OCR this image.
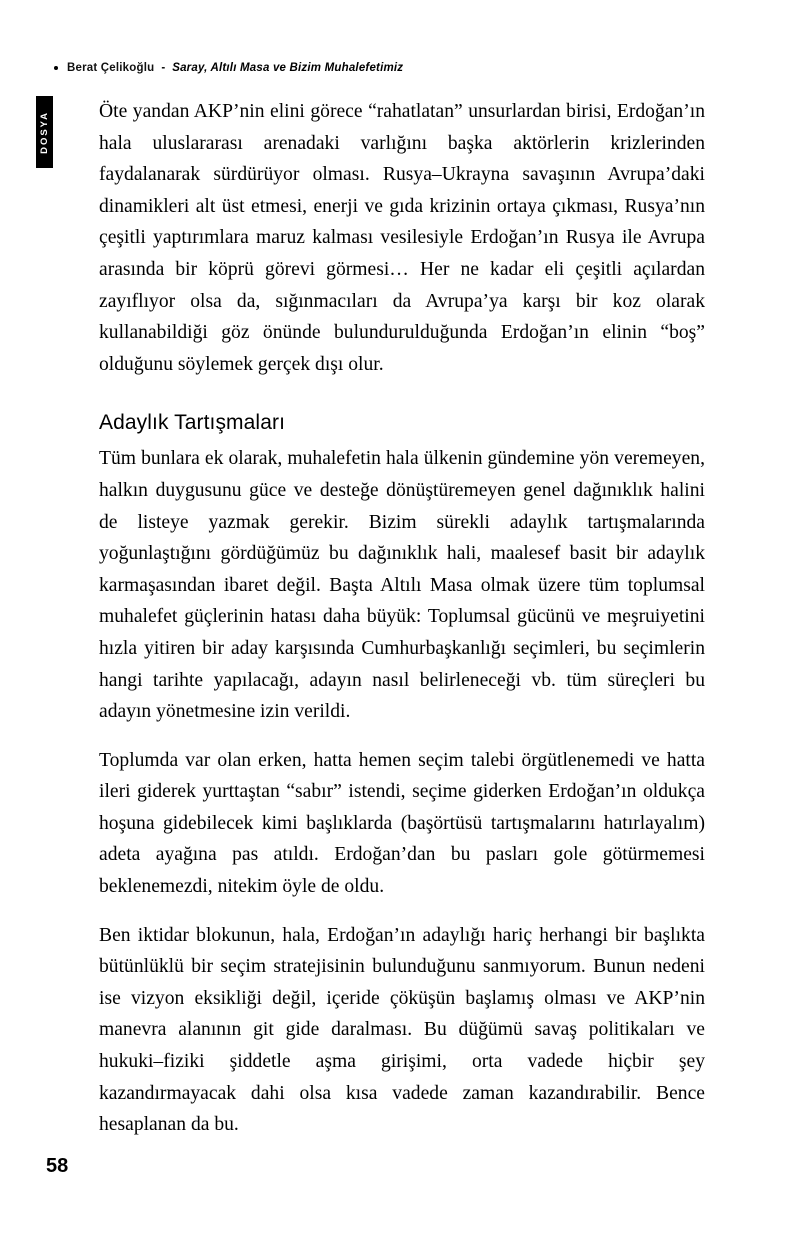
Berat Çelikoğlu - Saray, Altılı Masa ve Bizim Muhalefetimiz
DOSYA	Öte yandan AKP’nin elini görece “rahatlatan” unsurlardan birisi, Erdoğan’ın hala uluslararası arenadaki varlığını başka aktörlerin krizlerinden faydalanarak sürdürüyor olması. Rusya–Ukrayna savaşının Avrupa’daki dinamikleri alt üst etmesi, enerji ve gıda krizinin ortaya çıkması, Rusya’nın çeşitli yaptırımlara maruz kalması vesilesiyle Erdoğan’ın Rusya ile Avrupa arasında bir köprü görevi görmesi… Her ne kadar eli çeşitli açılardan zayıflıyor olsa da, sığınmacıları da Avrupa’ya karşı bir koz olarak kullanabildiği göz önünde bulundurulduğunda Erdoğan’ın elinin “boş” olduğunu söylemek gerçek dışı olur.

Adaylık Tartışmaları

Tüm bunlara ek olarak, muhalefetin hala ülkenin gündemine yön veremeyen, halkın duygusunu güce ve desteğe dönüştüremeyen genel dağınıklık halini de listeye yazmak gerekir. Bizim sürekli adaylık tartışmalarında yoğunlaştığını gördüğümüz bu dağınıklık hali, maalesef basit bir adaylık karmaşasından ibaret değil. Başta Altılı Masa olmak üzere tüm toplumsal muhalefet güçlerinin hatası daha büyük: Toplumsal gücünü ve meşruiyetini hızla yitiren bir aday karşısında Cumhurbaşkanlığı seçimleri, bu seçimlerin hangi tarihte yapılacağı, adayın nasıl belirleneceği vb. tüm süreçleri bu adayın yönetmesine izin verildi.

Toplumda var olan erken, hatta hemen seçim talebi örgütlenemedi ve hatta ileri giderek yurttaştan “sabır” istendi, seçime giderken Erdoğan’ın oldukça hoşuna gidebilecek kimi başlıklarda (başörtüsü tartışmalarını hatırlayalım) adeta ayağına pas atıldı. Erdoğan’dan bu pasları gole götürmemesi beklenemezdi, nitekim öyle de oldu.

Ben iktidar blokunun, hala, Erdoğan’ın adaylığı hariç herhangi bir başlıkta bütünlüklü bir seçim stratejisinin bulunduğunu sanmıyorum. Bunun nedeni ise vizyon eksikliği değil, içeride çöküşün başlamış olması ve AKP’nin manevra alanının git gide daralması. Bu düğümü savaş politikaları ve hukuki–fiziki şiddetle aşma girişimi, orta vadede hiçbir şey kazandırmayacak dahi olsa kısa vadede zaman kazandırabilir. Bence hesaplanan da bu.

58
